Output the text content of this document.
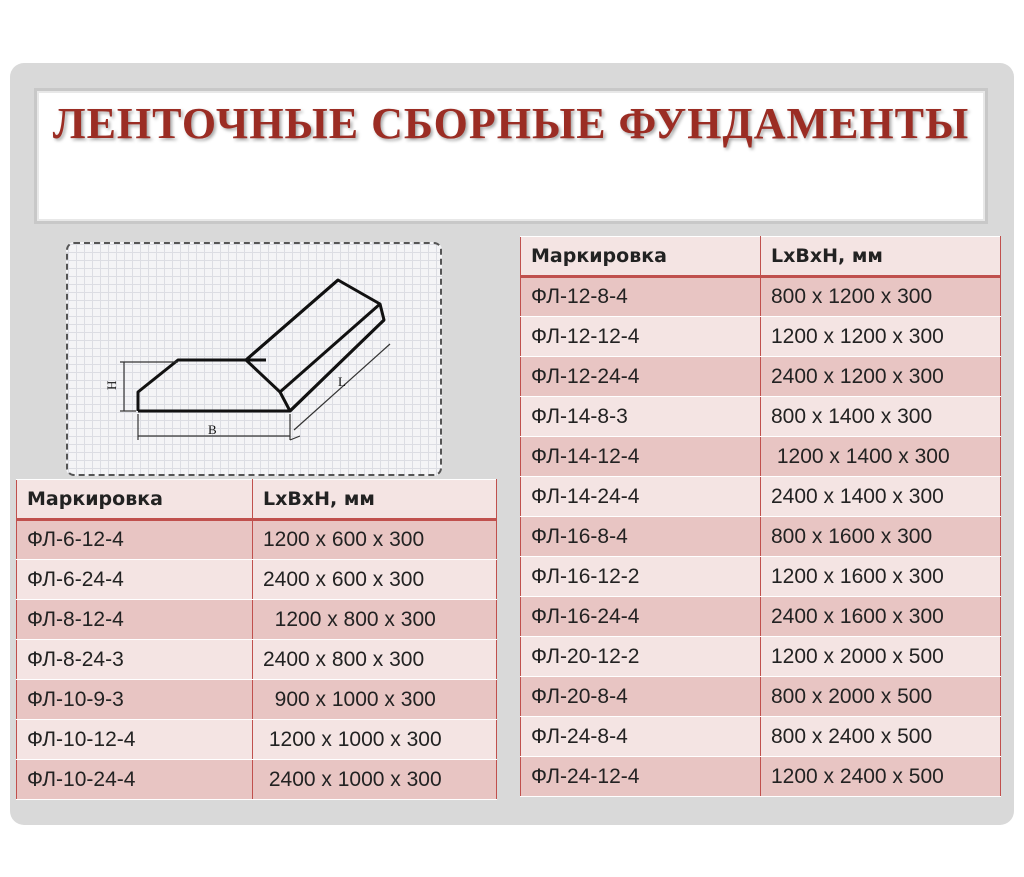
ЛЕНТОЧНЫЕ СБОРНЫЕ ФУНДАМЕНТЫ
H
B
L
Маркировка	LxBxH, мм
ФЛ-6-12-4	1200 x 600 x 300
ФЛ-6-24-4	2400 x 600 x 300
ФЛ-8-12-4	1200 x 800 x 300
ФЛ-8-24-3	2400 x 800 x 300
ФЛ-10-9-3	900 x 1000 x 300
ФЛ-10-12-4	1200 x 1000 x 300
ФЛ-10-24-4	2400 x 1000 x 300
Маркировка	LxBxH, мм
ФЛ-12-8-4	800 x 1200 x 300
ФЛ-12-12-4	1200 x 1200 x 300
ФЛ-12-24-4	2400 x 1200 x 300
ФЛ-14-8-3	800 x 1400 x 300
ФЛ-14-12-4	1200 x 1400 x 300
ФЛ-14-24-4	2400 x 1400 x 300
ФЛ-16-8-4	800 x 1600 x 300
ФЛ-16-12-2	1200 x 1600 x 300
ФЛ-16-24-4	2400 x 1600 x 300
ФЛ-20-12-2	1200 x 2000 x 500
ФЛ-20-8-4	800 x 2000 x 500
ФЛ-24-8-4	800 x 2400 x 500
ФЛ-24-12-4	1200 x 2400 x 500
